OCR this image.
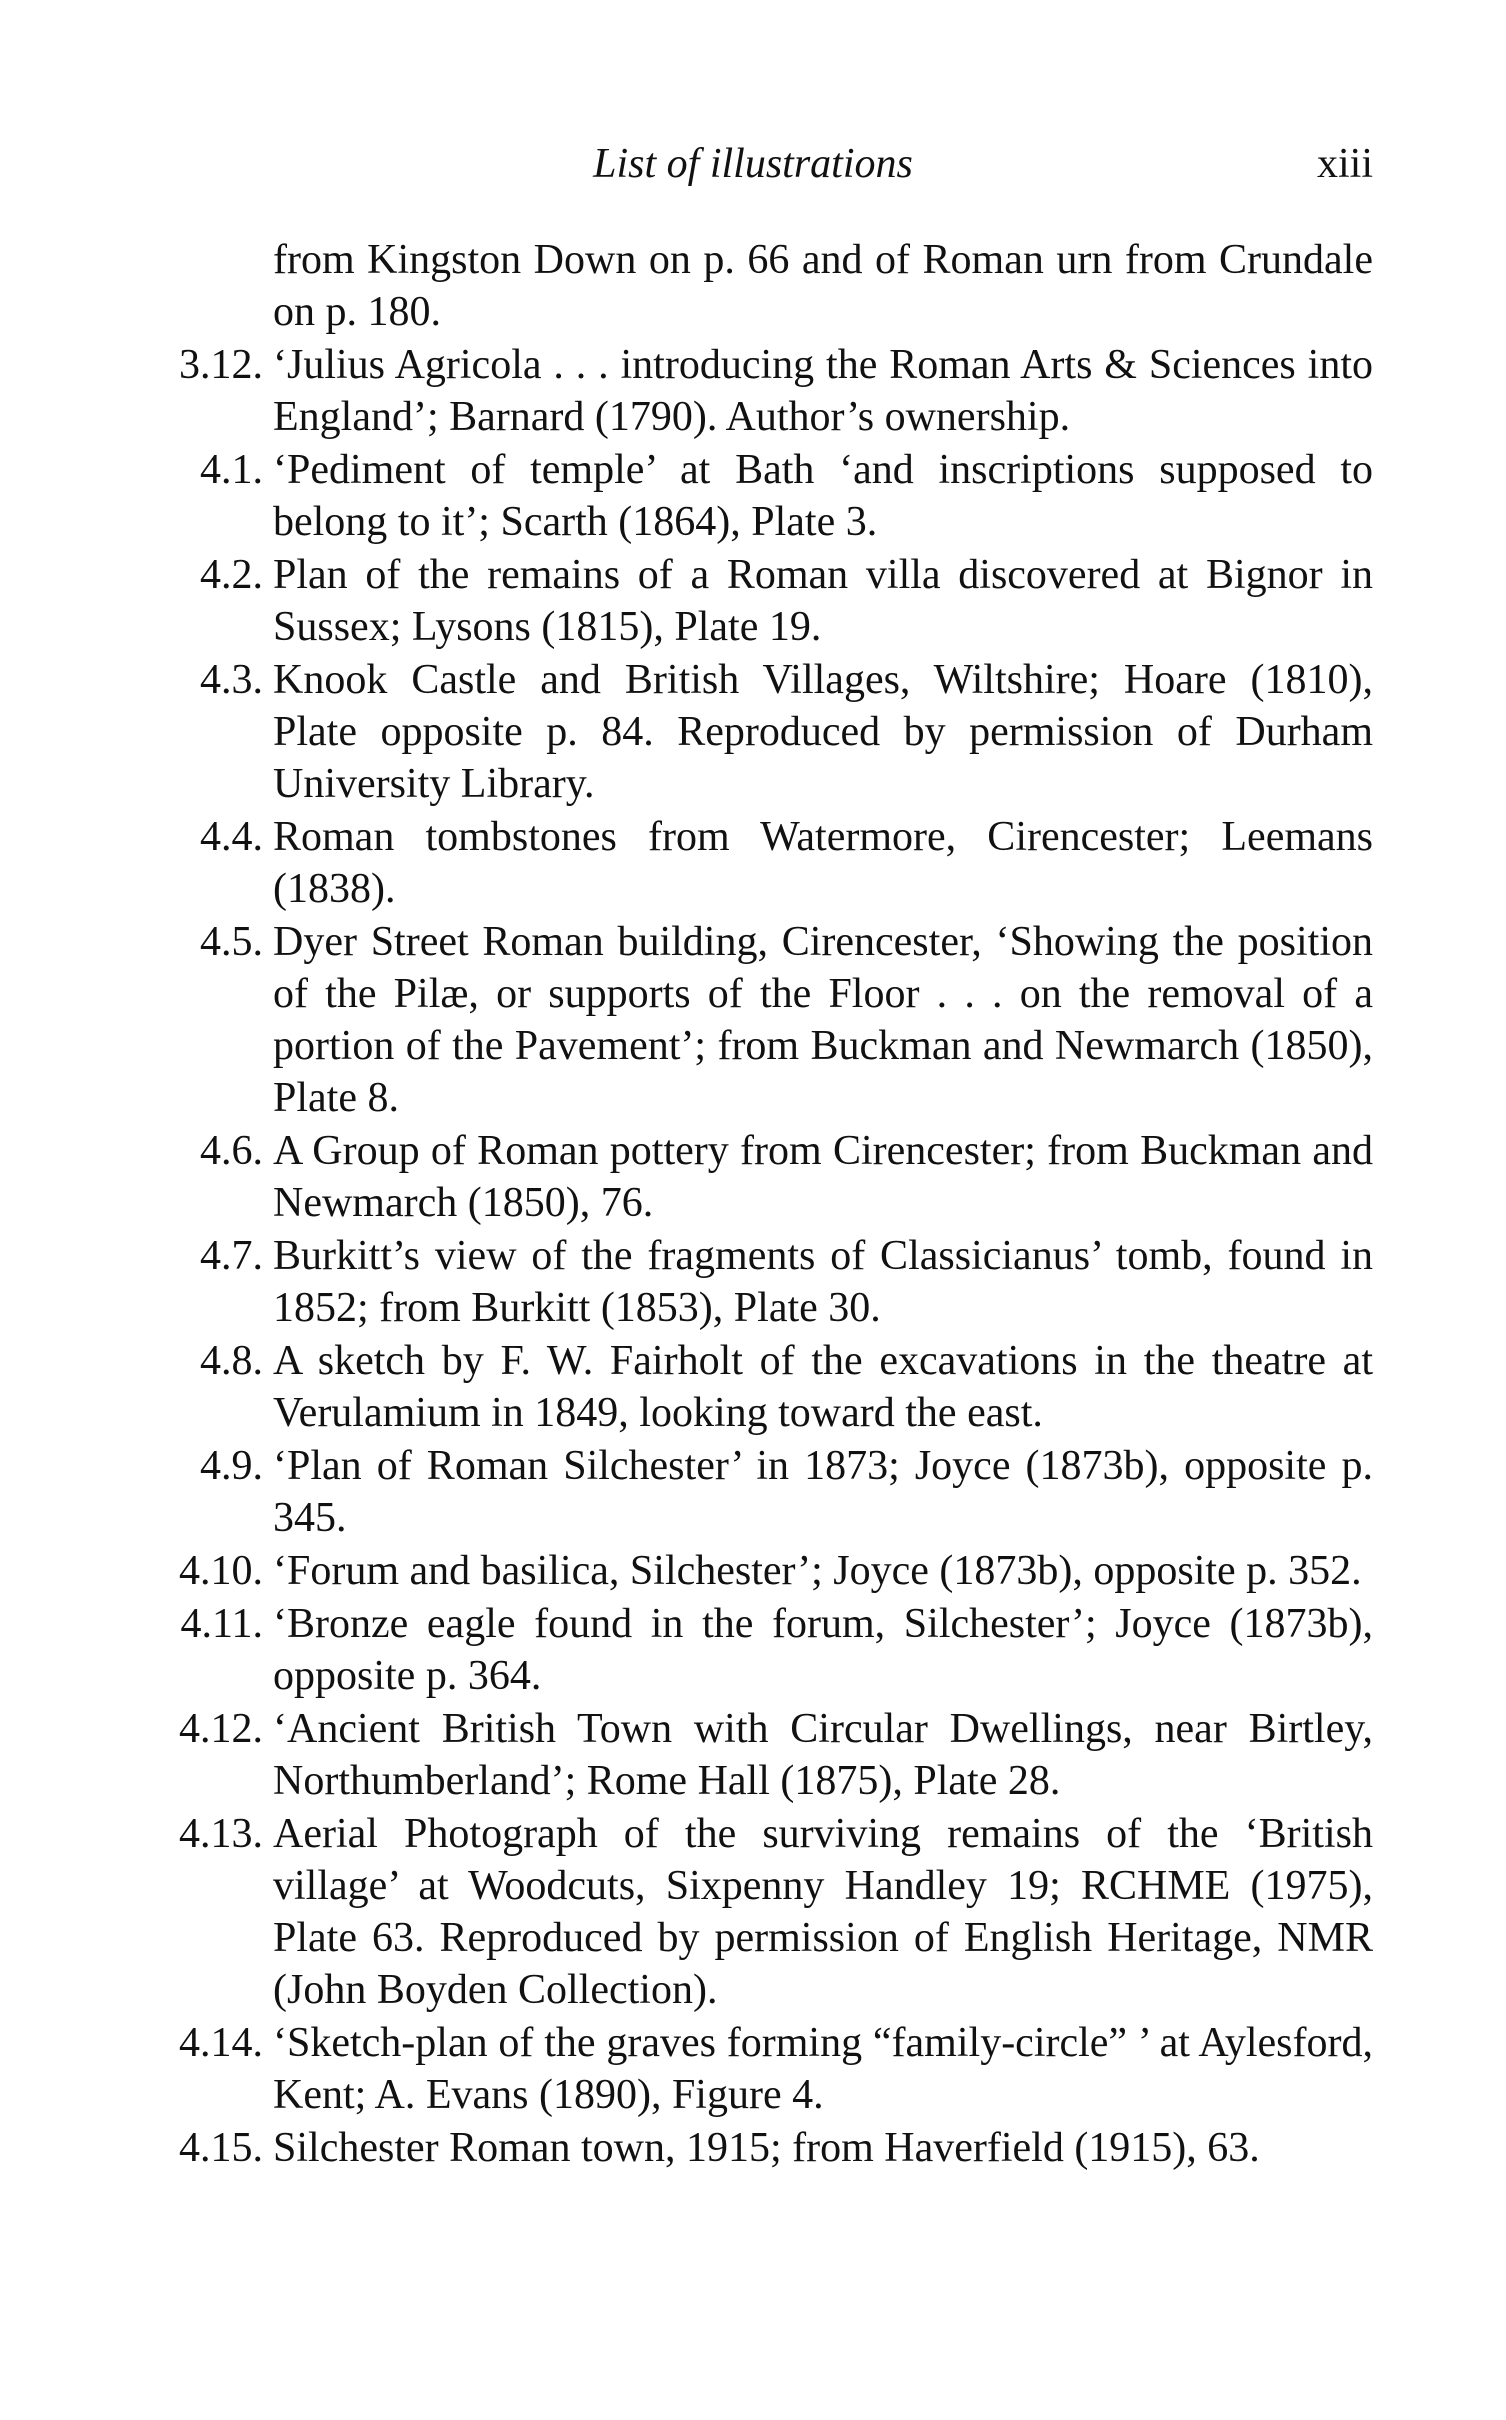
List of illustrations	xiii
from Kingston Down on p. 66 and of Roman urn from Crundale on p. 180.
3.12. ‘Julius Agricola . . . introducing the Roman Arts & Sciences into England’; Barnard (1790). Author’s ownership.
4.1. ‘Pediment of temple’ at Bath ‘and inscriptions supposed to belong to it’; Scarth (1864), Plate 3.
4.2. Plan of the remains of a Roman villa discovered at Bignor in Sussex; Lysons (1815), Plate 19.
4.3. Knook Castle and British Villages, Wiltshire; Hoare (1810), Plate opposite p. 84. Reproduced by permission of Durham University Library.
4.4. Roman tombstones from Watermore, Cirencester; Leemans (1838).
4.5. Dyer Street Roman building, Cirencester, ‘Showing the position of the Pilæ, or supports of the Floor . . . on the removal of a portion of the Pavement’; from Buckman and Newmarch (1850), Plate 8.
4.6. A Group of Roman pottery from Cirencester; from Buckman and Newmarch (1850), 76.
4.7. Burkitt’s view of the fragments of Classicianus’ tomb, found in 1852; from Burkitt (1853), Plate 30.
4.8. A sketch by F. W. Fairholt of the excavations in the theatre at Verulamium in 1849, looking toward the east.
4.9. ‘Plan of Roman Silchester’ in 1873; Joyce (1873b), opposite p. 345.
4.10. ‘Forum and basilica, Silchester’; Joyce (1873b), opposite p. 352.
4.11. ‘Bronze eagle found in the forum, Silchester’; Joyce (1873b), opposite p. 364.
4.12. ‘Ancient British Town with Circular Dwellings, near Birtley, Northumberland’; Rome Hall (1875), Plate 28.
4.13. Aerial Photograph of the surviving remains of the ‘British village’ at Woodcuts, Sixpenny Handley 19; RCHME (1975), Plate 63. Reproduced by permission of English Heritage, NMR (John Boyden Collection).
4.14. ‘Sketch-plan of the graves forming “family-circle” ’ at Aylesford, Kent; A. Evans (1890), Figure 4.
4.15. Silchester Roman town, 1915; from Haverfield (1915), 63.
